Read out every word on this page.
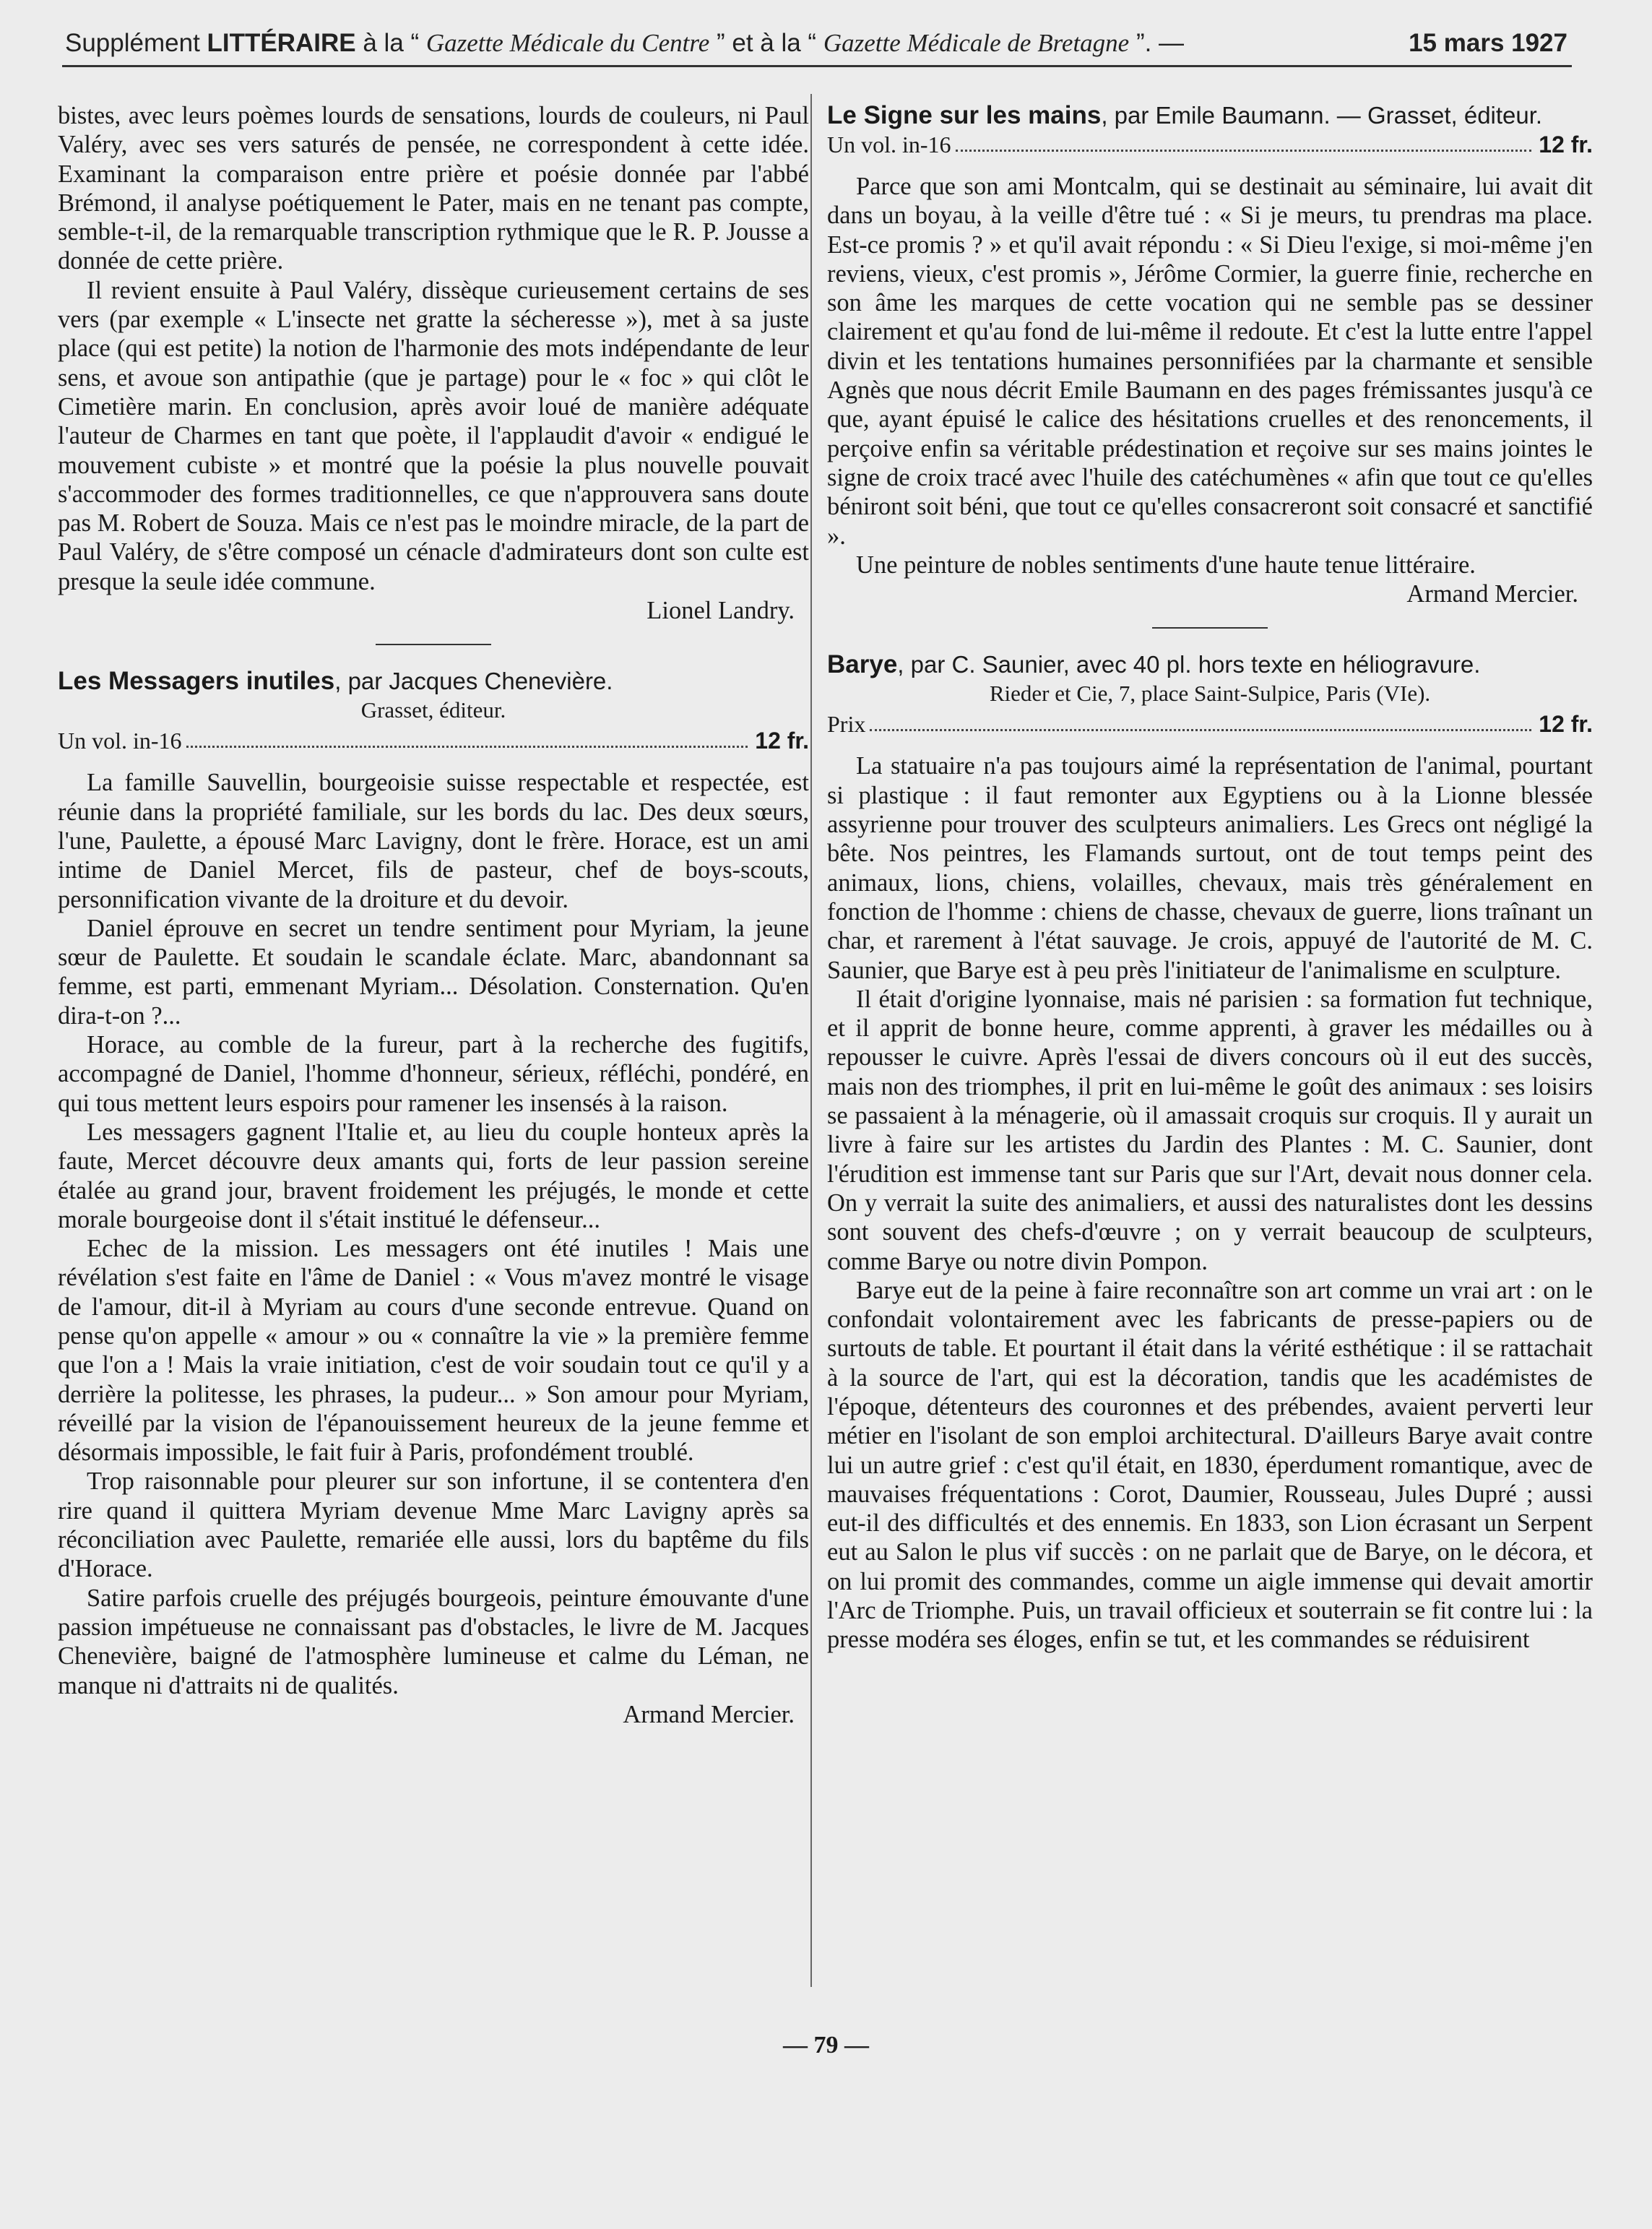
Supplément LITTÉRAIRE à la “ Gazette Médicale du Centre ” et à la “ Gazette Médicale de Bretagne ”. —	15 mars 1927

bistes, avec leurs poèmes lourds de sensations, lourds de couleurs, ni Paul Valéry, avec ses vers saturés de pensée, ne correspondent à cette idée. Examinant la comparaison entre prière et poésie donnée par l'abbé Brémond, il analyse poétiquement le Pater, mais en ne tenant pas compte, semble-t-il, de la remarquable transcription rythmique que le R. P. Jousse a donnée de cette prière.

Il revient ensuite à Paul Valéry, dissèque curieusement certains de ses vers (par exemple « L'insecte net gratte la sécheresse »), met à sa juste place (qui est petite) la notion de l'harmonie des mots indépendante de leur sens, et avoue son antipathie (que je partage) pour le « foc » qui clôt le Cimetière marin. En conclusion, après avoir loué de manière adéquate l'auteur de Charmes en tant que poète, il l'applaudit d'avoir « endigué le mouvement cubiste » et montré que la poésie la plus nouvelle pouvait s'accommoder des formes traditionnelles, ce que n'approuvera sans doute pas M. Robert de Souza. Mais ce n'est pas le moindre miracle, de la part de Paul Valéry, de s'être composé un cénacle d'admirateurs dont son culte est presque la seule idée commune.

Lionel Landry.

Les Messagers inutiles, par Jacques Chenevière.
Grasset, éditeur.
Un vol. in-16	12 fr.

La famille Sauvellin, bourgeoisie suisse respectable et respectée, est réunie dans la propriété familiale, sur les bords du lac. Des deux sœurs, l'une, Paulette, a épousé Marc Lavigny, dont le frère. Horace, est un ami intime de Daniel Mercet, fils de pasteur, chef de boys-scouts, personnification vivante de la droiture et du devoir.

Daniel éprouve en secret un tendre sentiment pour Myriam, la jeune sœur de Paulette. Et soudain le scandale éclate. Marc, abandonnant sa femme, est parti, emmenant Myriam... Désolation. Consternation. Qu'en dira-t-on ?...

Horace, au comble de la fureur, part à la recherche des fugitifs, accompagné de Daniel, l'homme d'honneur, sérieux, réfléchi, pondéré, en qui tous mettent leurs espoirs pour ramener les insensés à la raison.

Les messagers gagnent l'Italie et, au lieu du couple honteux après la faute, Mercet découvre deux amants qui, forts de leur passion sereine étalée au grand jour, bravent froidement les préjugés, le monde et cette morale bourgeoise dont il s'était institué le défenseur...

Echec de la mission. Les messagers ont été inutiles ! Mais une révélation s'est faite en l'âme de Daniel : « Vous m'avez montré le visage de l'amour, dit-il à Myriam au cours d'une seconde entrevue. Quand on pense qu'on appelle « amour » ou « connaître la vie » la première femme que l'on a ! Mais la vraie initiation, c'est de voir soudain tout ce qu'il y a derrière la politesse, les phrases, la pudeur... » Son amour pour Myriam, réveillé par la vision de l'épanouissement heureux de la jeune femme et désormais impossible, le fait fuir à Paris, profondément troublé.

Trop raisonnable pour pleurer sur son infortune, il se contentera d'en rire quand il quittera Myriam devenue Mme Marc Lavigny après sa réconciliation avec Paulette, remariée elle aussi, lors du baptême du fils d'Horace.

Satire parfois cruelle des préjugés bourgeois, peinture émouvante d'une passion impétueuse ne connaissant pas d'obstacles, le livre de M. Jacques Chenevière, baigné de l'atmosphère lumineuse et calme du Léman, ne manque ni d'attraits ni de qualités.

Armand Mercier.

Le Signe sur les mains, par Emile Baumann. — Grasset, éditeur.
Un vol. in-16	12 fr.

Parce que son ami Montcalm, qui se destinait au séminaire, lui avait dit dans un boyau, à la veille d'être tué : « Si je meurs, tu prendras ma place. Est-ce promis ? » et qu'il avait répondu : « Si Dieu l'exige, si moi-même j'en reviens, vieux, c'est promis », Jérôme Cormier, la guerre finie, recherche en son âme les marques de cette vocation qui ne semble pas se dessiner clairement et qu'au fond de lui-même il redoute. Et c'est la lutte entre l'appel divin et les tentations humaines personnifiées par la charmante et sensible Agnès que nous décrit Emile Baumann en des pages frémissantes jusqu'à ce que, ayant épuisé le calice des hésitations cruelles et des renoncements, il perçoive enfin sa véritable prédestination et reçoive sur ses mains jointes le signe de croix tracé avec l'huile des catéchumènes « afin que tout ce qu'elles béniront soit béni, que tout ce qu'elles consacreront soit consacré et sanctifié ».

Une peinture de nobles sentiments d'une haute tenue littéraire.

Armand Mercier.

Barye, par C. Saunier, avec 40 pl. hors texte en héliogravure.
Rieder et Cie, 7, place Saint-Sulpice, Paris (VIe).
Prix	12 fr.

La statuaire n'a pas toujours aimé la représentation de l'animal, pourtant si plastique : il faut remonter aux Egyptiens ou à la Lionne blessée assyrienne pour trouver des sculpteurs animaliers. Les Grecs ont négligé la bête. Nos peintres, les Flamands surtout, ont de tout temps peint des animaux, lions, chiens, volailles, chevaux, mais très généralement en fonction de l'homme : chiens de chasse, chevaux de guerre, lions traînant un char, et rarement à l'état sauvage. Je crois, appuyé de l'autorité de M. C. Saunier, que Barye est à peu près l'initiateur de l'animalisme en sculpture.

Il était d'origine lyonnaise, mais né parisien : sa formation fut technique, et il apprit de bonne heure, comme apprenti, à graver les médailles ou à repousser le cuivre. Après l'essai de divers concours où il eut des succès, mais non des triomphes, il prit en lui-même le goût des animaux : ses loisirs se passaient à la ménagerie, où il amassait croquis sur croquis. Il y aurait un livre à faire sur les artistes du Jardin des Plantes : M. C. Saunier, dont l'érudition est immense tant sur Paris que sur l'Art, devait nous donner cela. On y verrait la suite des animaliers, et aussi des naturalistes dont les dessins sont souvent des chefs-d'œuvre ; on y verrait beaucoup de sculpteurs, comme Barye ou notre divin Pompon.

Barye eut de la peine à faire reconnaître son art comme un vrai art : on le confondait volontairement avec les fabricants de presse-papiers ou de surtouts de table. Et pourtant il était dans la vérité esthétique : il se rattachait à la source de l'art, qui est la décoration, tandis que les académistes de l'époque, détenteurs des couronnes et des prébendes, avaient perverti leur métier en l'isolant de son emploi architectural. D'ailleurs Barye avait contre lui un autre grief : c'est qu'il était, en 1830, éperdument romantique, avec de mauvaises fréquentations : Corot, Daumier, Rousseau, Jules Dupré ; aussi eut-il des difficultés et des ennemis. En 1833, son Lion écrasant un Serpent eut au Salon le plus vif succès : on ne parlait que de Barye, on le décora, et on lui promit des commandes, comme un aigle immense qui devait amortir l'Arc de Triomphe. Puis, un travail officieux et souterrain se fit contre lui : la presse modéra ses éloges, enfin se tut, et les commandes se réduisirent

— 79 —
